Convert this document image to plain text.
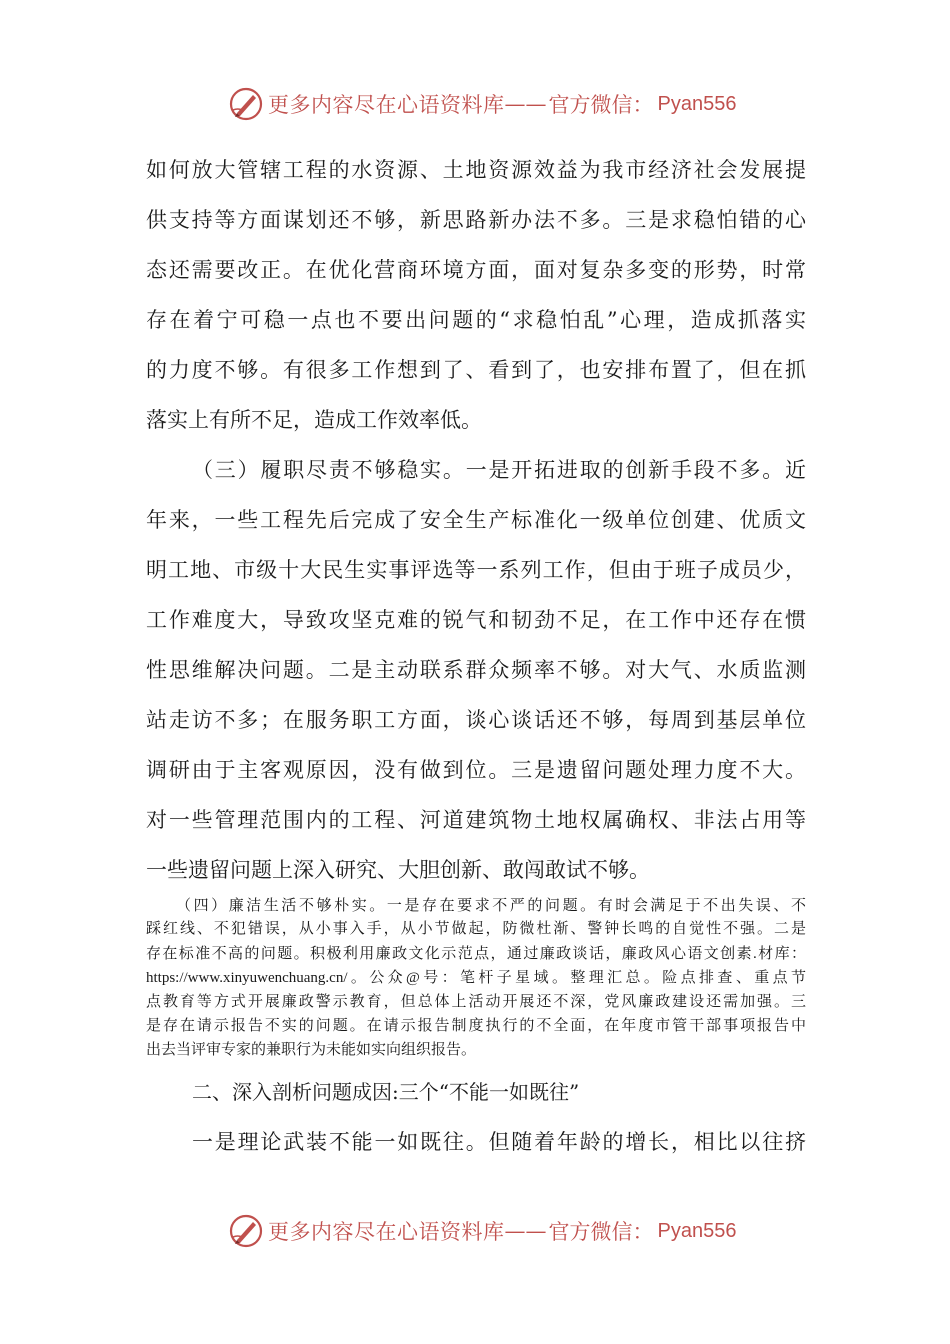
更多内容尽在心语资料库 —— 官方微信： Pyan556
如何放大管辖工程的水资源、土地资源效益为我市经济社会发展提
供支持等方面谋划还不够，新思路新办法不多。三是求稳怕错的心
态还需要改正。在优化营商环境方面，面对复杂多变的形势，时常
存在着宁可稳一点也不要出问题的“求稳怕乱”心理，造成抓落实
的力度不够。有很多工作想到了、看到了，也安排布置了，但在抓
落实上有所不足，造成工作效率低。
（三）履职尽责不够稳实。一是开拓进取的创新手段不多。近
年来，一些工程先后完成了安全生产标准化一级单位创建、优质文
明工地、市级十大民生实事评选等一系列工作，但由于班子成员少，
工作难度大，导致攻坚克难的锐气和韧劲不足，在工作中还存在惯
性思维解决问题。二是主动联系群众频率不够。对大气、水质监测
站走访不多；在服务职工方面，谈心谈话还不够，每周到基层单位
调研由于主客观原因，没有做到位。三是遗留问题处理力度不大。
对一些管理范围内的工程、河道建筑物土地权属确权、非法占用等
一些遗留问题上深入研究、大胆创新、敢闯敢试不够。
（四）廉洁生活不够朴实。一是存在要求不严的问题。有时会满足于不出失误、不
踩红线、不犯错误，从小事入手，从小节做起，防微杜渐、警钟长鸣的自觉性不强。二是
存在标准不高的问题。积极利用廉政文化示范点，通过廉政谈话，廉政风心语文创素.材库：
https://www.xinyuwenchuang.cn/。公众@号：笔杆子星域。整理汇总。险点排查、重点节
点教育等方式开展廉政警示教育，但总体上活动开展还不深，党风廉政建设还需加强。三
是存在请示报告不实的问题。在请示报告制度执行的不全面，在年度市管干部事项报告中
出去当评审专家的兼职行为未能如实向组织报告。
二、深入剖析问题成因:三个“不能一如既往”
一是理论武装不能一如既往。但随着年龄的增长，相比以往挤
更多内容尽在心语资料库 —— 官方微信： Pyan556
